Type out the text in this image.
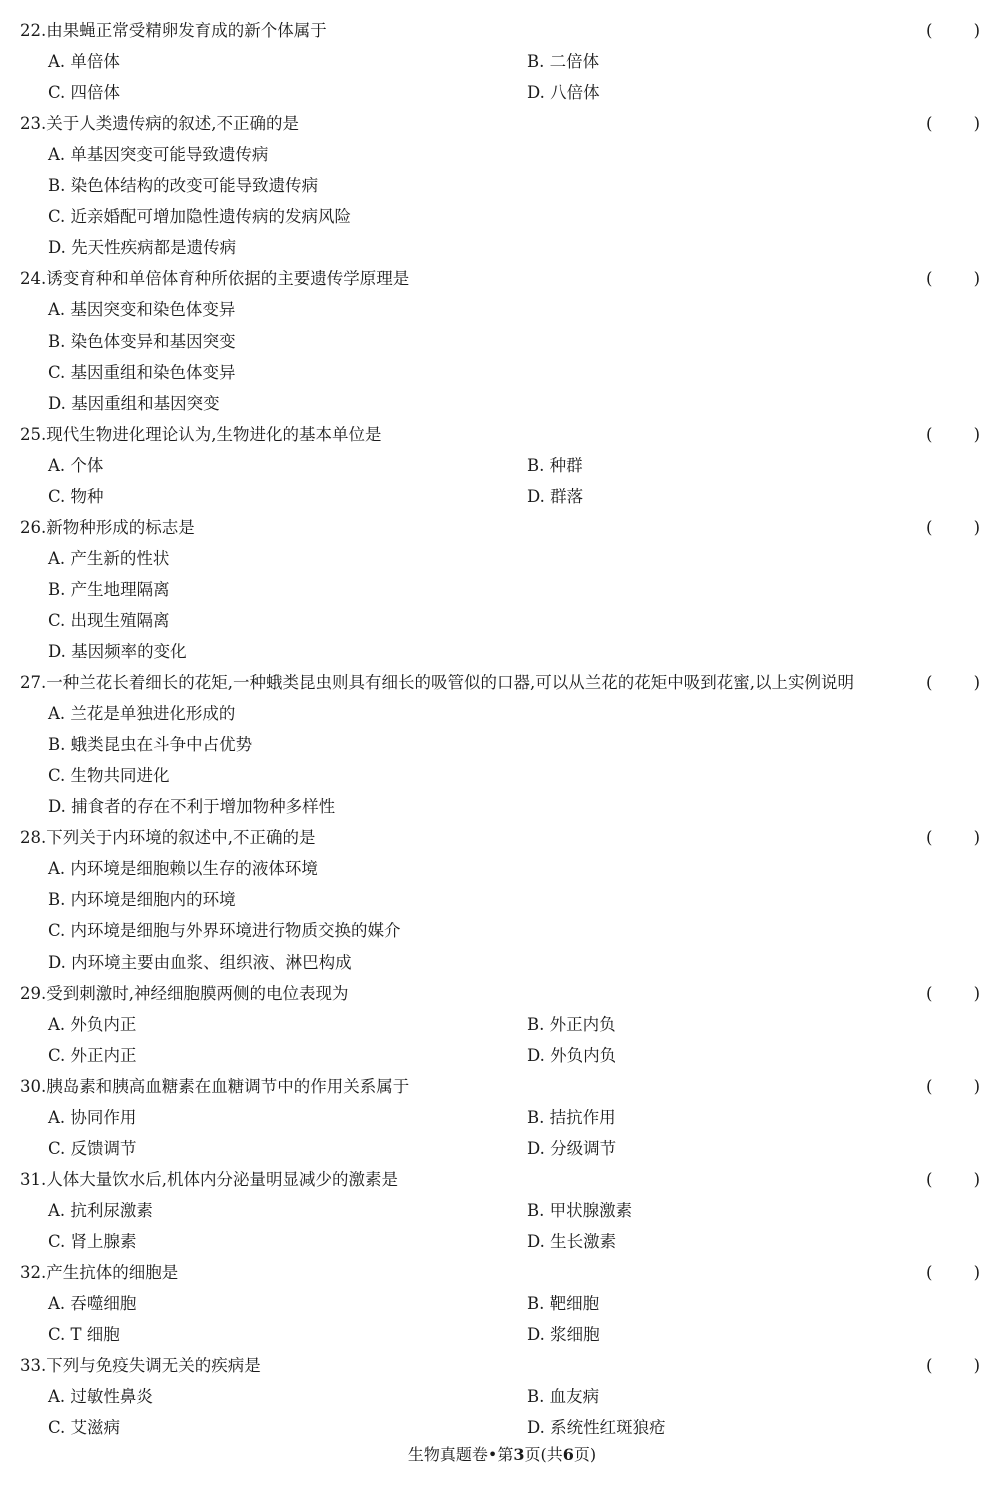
22.由果蝇正常受精卵发育成的新个体属于	( )
A. 单倍体	B. 二倍体
C. 四倍体	D. 八倍体
23.关于人类遗传病的叙述,不正确的是	( )
A. 单基因突变可能导致遗传病
B. 染色体结构的改变可能导致遗传病
C. 近亲婚配可增加隐性遗传病的发病风险
D. 先天性疾病都是遗传病
24.诱变育种和单倍体育种所依据的主要遗传学原理是	( )
A. 基因突变和染色体变异
B. 染色体变异和基因突变
C. 基因重组和染色体变异
D. 基因重组和基因突变
25.现代生物进化理论认为,生物进化的基本单位是	( )
A. 个体	B. 种群
C. 物种	D. 群落
26.新物种形成的标志是	( )
A. 产生新的性状
B. 产生地理隔离
C. 出现生殖隔离
D. 基因频率的变化
27.一种兰花长着细长的花矩,一种蛾类昆虫则具有细长的吸管似的口器,可以从兰花的花矩中吸到花蜜,以上实例说明	( )
A. 兰花是单独进化形成的
B. 蛾类昆虫在斗争中占优势
C. 生物共同进化
D. 捕食者的存在不利于增加物种多样性
28.下列关于内环境的叙述中,不正确的是	( )
A. 内环境是细胞赖以生存的液体环境
B. 内环境是细胞内的环境
C. 内环境是细胞与外界环境进行物质交换的媒介
D. 内环境主要由血浆、组织液、淋巴构成
29.受到刺激时,神经细胞膜两侧的电位表现为	( )
A. 外负内正	B. 外正内负
C. 外正内正	D. 外负内负
30.胰岛素和胰高血糖素在血糖调节中的作用关系属于	( )
A. 协同作用	B. 拮抗作用
C. 反馈调节	D. 分级调节
31.人体大量饮水后,机体内分泌量明显减少的激素是	( )
A. 抗利尿激素	B. 甲状腺激素
C. 肾上腺素	D. 生长激素
32.产生抗体的细胞是	( )
A. 吞噬细胞	B. 靶细胞
C. T 细胞	D. 浆细胞
33.下列与免疫失调无关的疾病是	( )
A. 过敏性鼻炎	B. 血友病
C. 艾滋病	D. 系统性红斑狼疮
生物真题卷•第3页(共6页)
